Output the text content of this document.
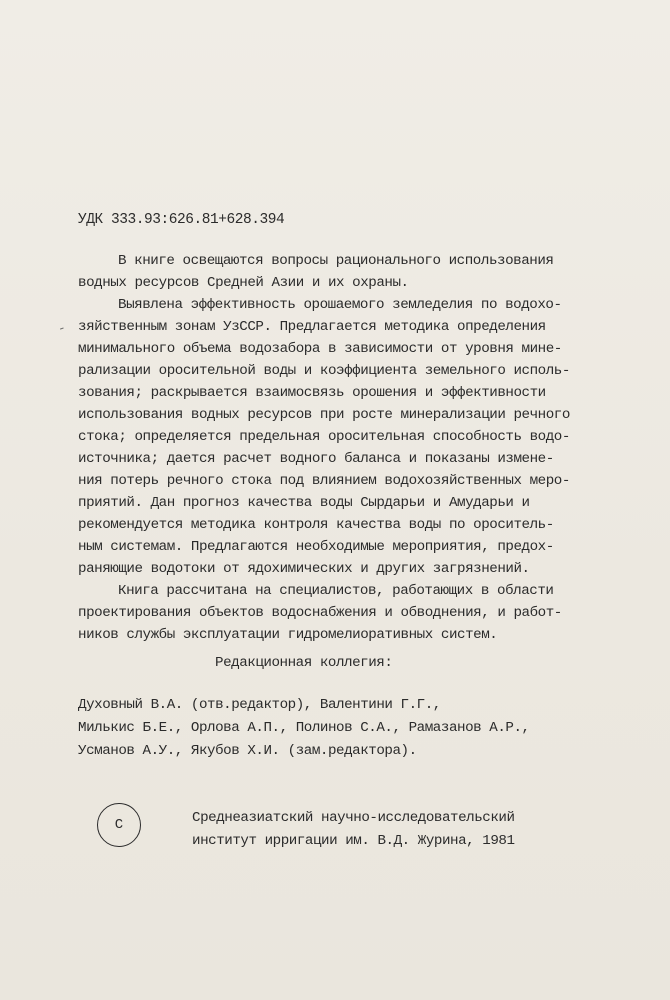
УДК 333.93:626.81+628.394
В книге освещаются вопросы рационального использования
водных ресурсов Средней Азии и их охраны.
Выявлена эффективность орошаемого земледелия по водохо-
зяйственным зонам УзССР. Предлагается методика определения
минимального объема водозабора в зависимости от уровня мине-
рализации оросительной воды и коэффициента земельного исполь-
зования; раскрывается взаимосвязь орошения и эффективности
использования водных ресурсов при росте минерализации речного
стока; определяется предельная оросительная способность водо-
источника; дается расчет водного баланса и показаны измене-
ния потерь речного стока под влиянием водохозяйственных меро-
приятий. Дан прогноз качества воды Сырдарьи и Амударьи и
рекомендуется методика контроля качества воды по ороситель-
ным системам. Предлагаются необходимые мероприятия, предох-
раняющие водотоки от ядохимических и других загрязнений.
Книга рассчитана на специалистов, работающих в области
проектирования объектов водоснабжения и обводнения, и работ-
ников службы эксплуатации гидромелиоративных систем.
Редакционная коллегия:
Духовный В.А. (отв.редактор), Валентини Г.Г.,
Милькис Б.Е., Орлова А.П., Полинов С.А., Рамазанов А.Р.,
Усманов А.У., Якубов Х.И. (зам.редактора).
С	Среднеазиатский научно-исследовательский
институт ирригации им. В.Д. Журина, 1981
-
